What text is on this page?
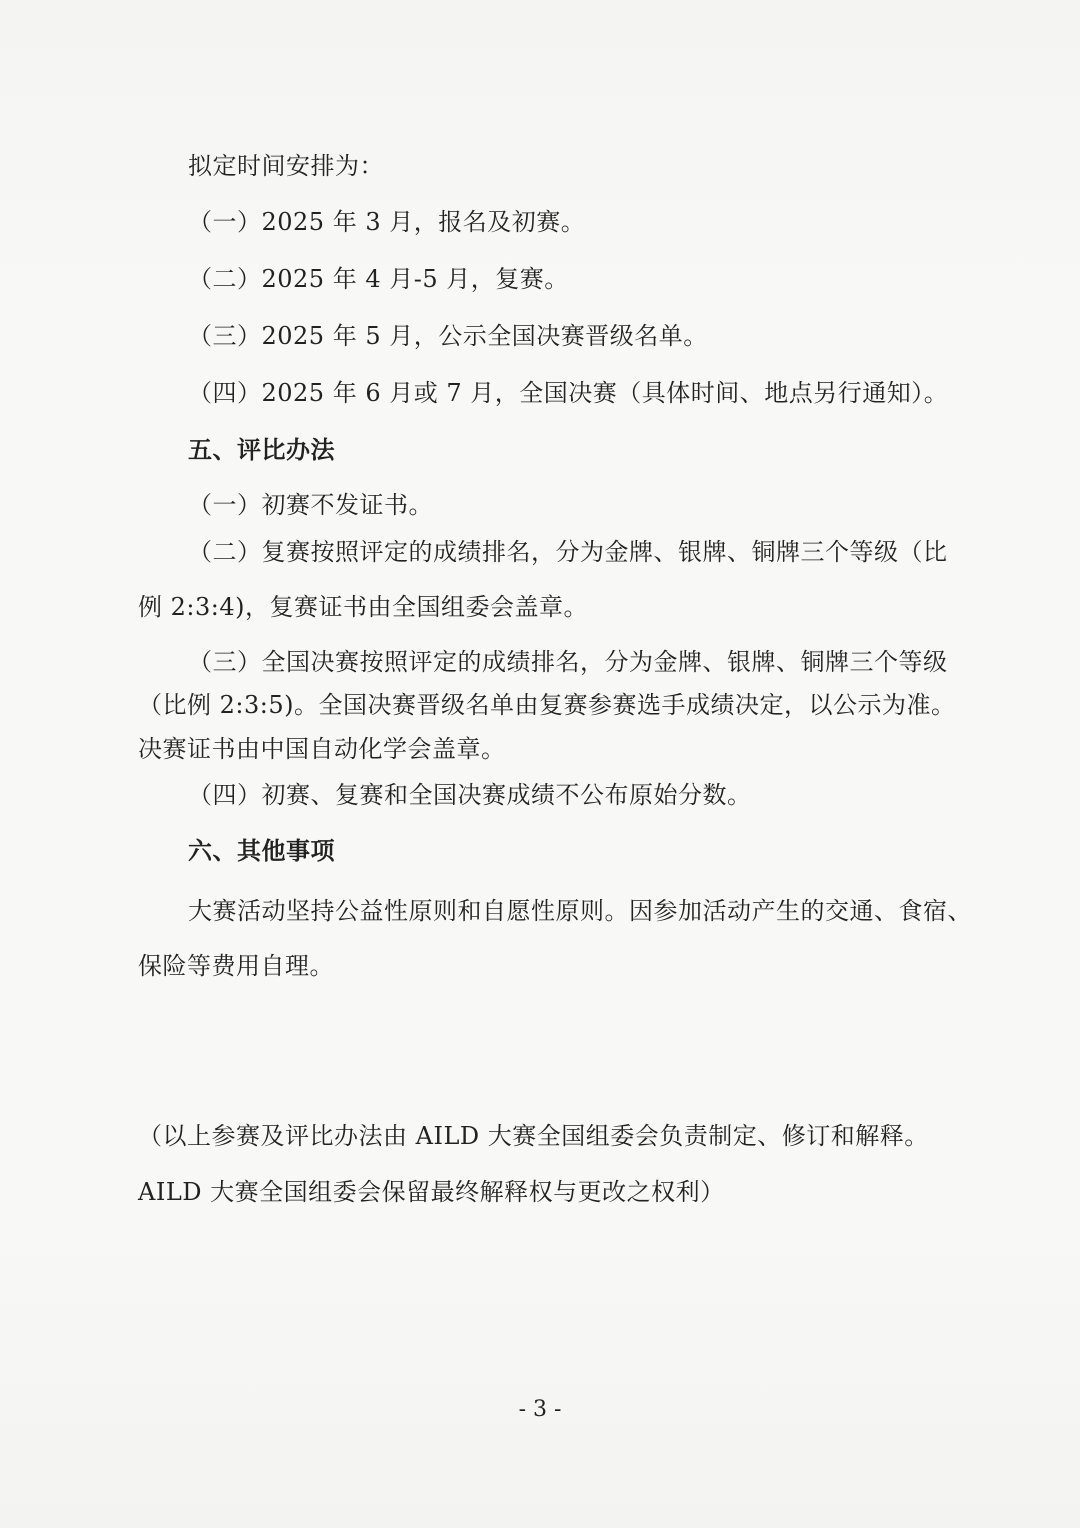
拟定时间安排为：
（一）2025 年 3 月，报名及初赛。
（二）2025 年 4 月-5 月，复赛。
（三）2025 年 5 月，公示全国决赛晋级名单。
（四）2025 年 6 月或 7 月，全国决赛（具体时间、地点另行通知）。
五、评比办法
（一）初赛不发证书。
（二）复赛按照评定的成绩排名，分为金牌、银牌、铜牌三个等级（比
例 2:3:4)，复赛证书由全国组委会盖章。
（三）全国决赛按照评定的成绩排名，分为金牌、银牌、铜牌三个等级
（比例 2:3:5)。全国决赛晋级名单由复赛参赛选手成绩决定，以公示为准。
决赛证书由中国自动化学会盖章。
（四）初赛、复赛和全国决赛成绩不公布原始分数。
六、其他事项
大赛活动坚持公益性原则和自愿性原则。因参加活动产生的交通、食宿、
保险等费用自理。
（以上参赛及评比办法由 AILD 大赛全国组委会负责制定、修订和解释。
AILD 大赛全国组委会保留最终解释权与更改之权利）
- 3 -
